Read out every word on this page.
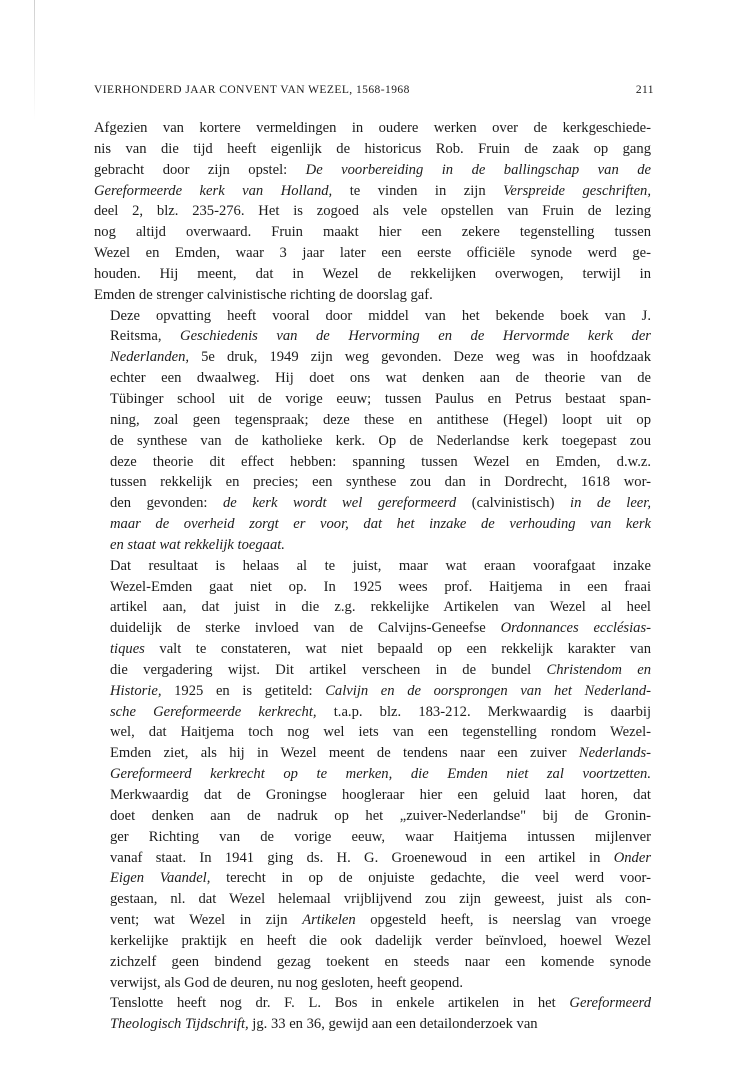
VIERHONDERD JAAR CONVENT VAN WEZEL, 1568-1968	211

Afgezien van kortere vermeldingen in oudere werken over de kerkgeschiede-
nis van die tijd heeft eigenlijk de historicus Rob. Fruin de zaak op gang
gebracht door zijn opstel: De voorbereiding in de ballingschap van de
Gereformeerde kerk van Holland, te vinden in zijn Verspreide geschriften,
deel 2, blz. 235-276. Het is zogoed als vele opstellen van Fruin de lezing
nog altijd overwaard. Fruin maakt hier een zekere tegenstelling tussen
Wezel en Emden, waar 3 jaar later een eerste officiële synode werd ge-
houden. Hij meent, dat in Wezel de rekkelijken overwogen, terwijl in
Emden de strenger calvinistische richting de doorslag gaf.

Deze opvatting heeft vooral door middel van het bekende boek van J.
Reitsma, Geschiedenis van de Hervorming en de Hervormde kerk der
Nederlanden, 5e druk, 1949 zijn weg gevonden. Deze weg was in hoofdzaak
echter een dwaalweg. Hij doet ons wat denken aan de theorie van de
Tübinger school uit de vorige eeuw; tussen Paulus en Petrus bestaat span-
ning, zoal geen tegenspraak; deze these en antithese (Hegel) loopt uit op
de synthese van de katholieke kerk. Op de Nederlandse kerk toegepast zou
deze theorie dit effect hebben: spanning tussen Wezel en Emden, d.w.z.
tussen rekkelijk en precies; een synthese zou dan in Dordrecht, 1618 wor-
den gevonden: de kerk wordt wel gereformeerd (calvinistisch) in de leer,
maar de overheid zorgt er voor, dat het inzake de verhouding van kerk
en staat wat rekkelijk toegaat.

Dat resultaat is helaas al te juist, maar wat eraan voorafgaat inzake
Wezel-Emden gaat niet op. In 1925 wees prof. Haitjema in een fraai
artikel aan, dat juist in die z.g. rekkelijke Artikelen van Wezel al heel
duidelijk de sterke invloed van de Calvijns-Geneefse Ordonnances ecclésias-
tiques valt te constateren, wat niet bepaald op een rekkelijk karakter van
die vergadering wijst. Dit artikel verscheen in de bundel Christendom en
Historie, 1925 en is getiteld: Calvijn en de oorsprongen van het Nederland-
sche Gereformeerde kerkrecht, t.a.p. blz. 183-212. Merkwaardig is daarbij
wel, dat Haitjema toch nog wel iets van een tegenstelling rondom Wezel-
Emden ziet, als hij in Wezel meent de tendens naar een zuiver Nederlands-
Gereformeerd kerkrecht op te merken, die Emden niet zal voortzetten.
Merkwaardig dat de Groningse hoogleraar hier een geluid laat horen, dat
doet denken aan de nadruk op het „zuiver-Nederlandse" bij de Gronin-
ger Richting van de vorige eeuw, waar Haitjema intussen mijlenver
vanaf staat. In 1941 ging ds. H. G. Groenewoud in een artikel in Onder
Eigen Vaandel, terecht in op de onjuiste gedachte, die veel werd voor-
gestaan, nl. dat Wezel helemaal vrijblijvend zou zijn geweest, juist als con-
vent; wat Wezel in zijn Artikelen opgesteld heeft, is neerslag van vroege
kerkelijke praktijk en heeft die ook dadelijk verder beïnvloed, hoewel Wezel
zichzelf geen bindend gezag toekent en steeds naar een komende synode
verwijst, als God de deuren, nu nog gesloten, heeft geopend.

Tenslotte heeft nog dr. F. L. Bos in enkele artikelen in het Gereformeerd
Theologisch Tijdschrift, jg. 33 en 36, gewijd aan een detailonderzoek van
